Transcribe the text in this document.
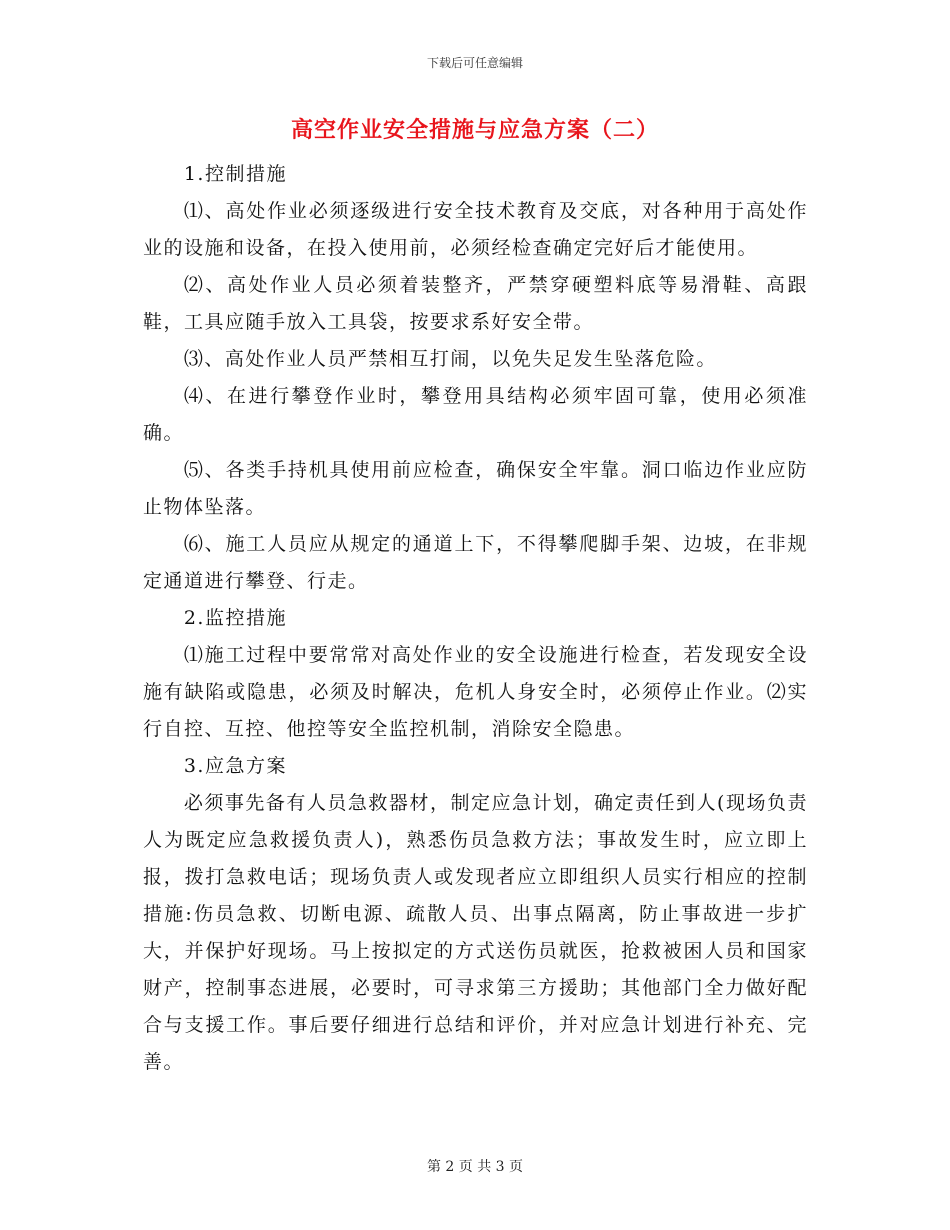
下载后可任意编辑
高空作业安全措施与应急方案（二）

1.控制措施

⑴、高处作业必须逐级进行安全技术教育及交底，对各种用于高处作业的设施和设备，在投入使用前，必须经检查确定完好后才能使用。

⑵、高处作业人员必须着装整齐，严禁穿硬塑料底等易滑鞋、高跟鞋，工具应随手放入工具袋，按要求系好安全带。

⑶、高处作业人员严禁相互打闹，以免失足发生坠落危险。

⑷、在进行攀登作业时，攀登用具结构必须牢固可靠，使用必须准确。

⑸、各类手持机具使用前应检查，确保安全牢靠。洞口临边作业应防止物体坠落。

⑹、施工人员应从规定的通道上下，不得攀爬脚手架、边坡，在非规定通道进行攀登、行走。

2.监控措施

⑴施工过程中要常常对高处作业的安全设施进行检查，若发现安全设施有缺陷或隐患，必须及时解决，危机人身安全时，必须停止作业。⑵实行自控、互控、他控等安全监控机制，消除安全隐患。

3.应急方案

必须事先备有人员急救器材，制定应急计划，确定责任到人(现场负责人为既定应急救援负责人)，熟悉伤员急救方法；事故发生时，应立即上报，拨打急救电话；现场负责人或发现者应立即组织人员实行相应的控制措施:伤员急救、切断电源、疏散人员、出事点隔离，防止事故进一步扩大，并保护好现场。马上按拟定的方式送伤员就医，抢救被困人员和国家财产，控制事态进展，必要时，可寻求第三方援助；其他部门全力做好配合与支援工作。事后要仔细进行总结和评价，并对应急计划进行补充、完善。

第 2 页 共 3 页
